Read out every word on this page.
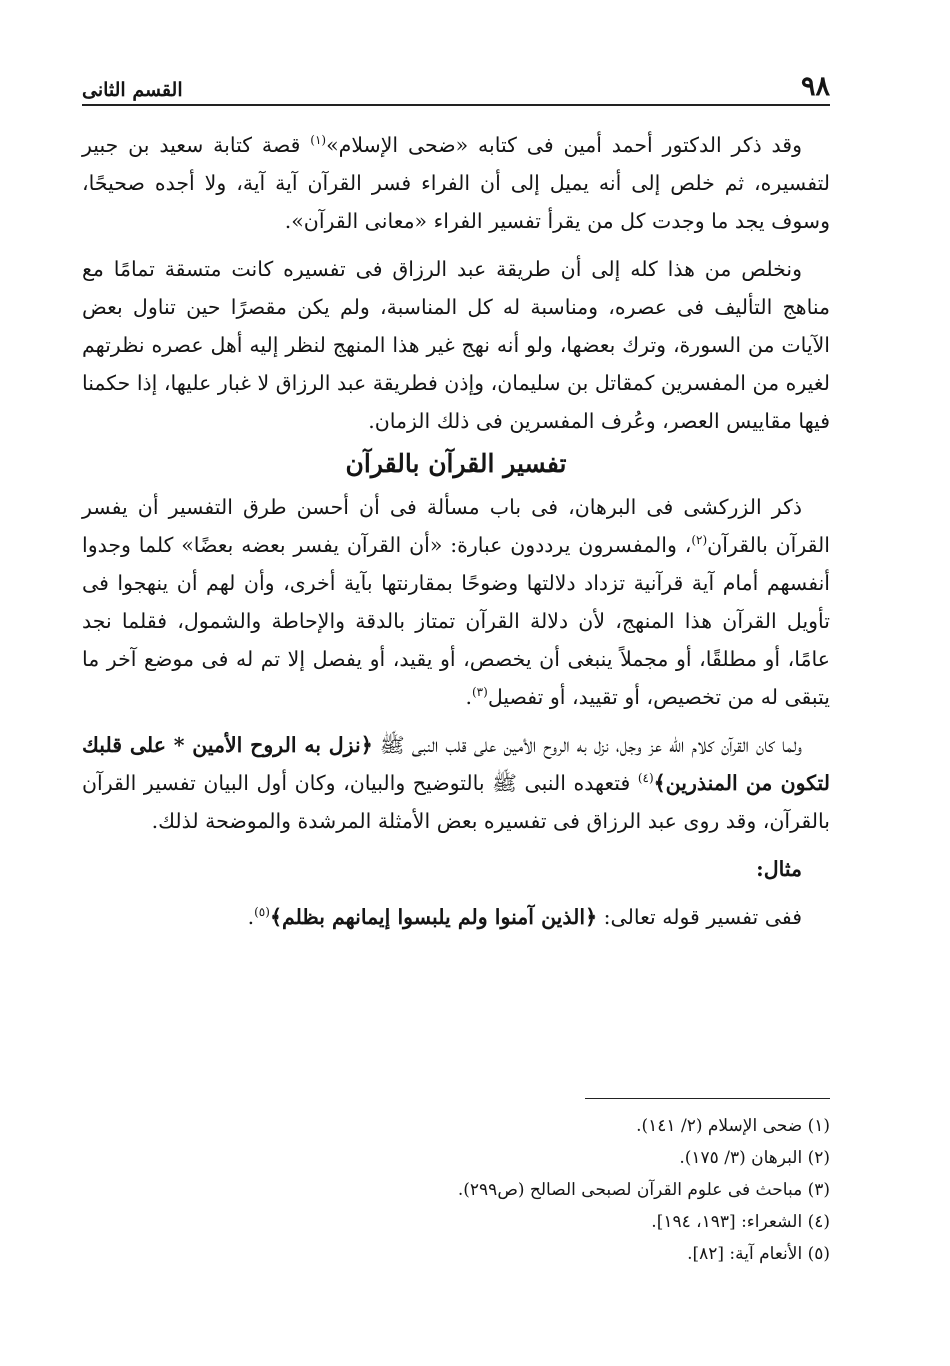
٩٨
القسم الثانى

وقد ذكر الدكتور أحمد أمين فى كتابه «ضحى الإسلام»$^{(١)}$ قصة كتابة سعيد بن جبير لتفسيره، ثم خلص إلى أنه يميل إلى أن الفراء فسر القرآن آية آية، ولا أجده صحيحًا، وسوف يجد ما وجدت كل من يقرأ تفسير الفراء «معانى القرآن».

ونخلص من هذا كله إلى أن طريقة عبد الرزاق فى تفسيره كانت متسقة تمامًا مع مناهج التأليف فى عصره، ومناسبة له كل المناسبة، ولم يكن مقصرًا حين تناول بعض الآيات من السورة، وترك بعضها، ولو أنه نهج غير هذا المنهج لنظر إليه أهل عصره نظرتهم لغيره من المفسرين كمقاتل بن سليمان، وإذن فطريقة عبد الرزاق لا غبار عليها، إذا حكمنا فيها مقاييس العصر، وعُرف المفسرين فى ذلك الزمان.

تفسير القرآن بالقرآن

ذكر الزركشى فى البرهان، فى باب مسألة فى أن أحسن طرق التفسير أن يفسر القرآن بالقرآن$^{(٢)}$، والمفسرون يرددون عبارة: «أن القرآن يفسر بعضه بعضًا» كلما وجدوا أنفسهم أمام آية قرآنية تزداد دلالتها وضوحًا بمقارنتها بآية أخرى، وأن لهم أن ينهجوا فى تأويل القرآن هذا المنهج، لأن دلالة القرآن تمتاز بالدقة والإحاطة والشمول، فقلما نجد عامًا، أو مطلقًا، أو مجملاً ينبغى أن يخصص، أو يقيد، أو يفصل إلا تم له فى موضع آخر ما يتبقى له من تخصيص، أو تقييد، أو تفصيل$^{(٣)}$.

ولما كان القرآن كلام الله عز وجل، نزل به الروح الأمين على قلب النبى ﷺ ﴿نزل به الروح الأمين * على قلبك لتكون من المنذرين﴾$^{(٤)}$ فتعهده النبى ﷺ بالتوضيح والبيان، وكان أول البيان تفسير القرآن بالقرآن، وقد روى عبد الرزاق فى تفسيره بعض الأمثلة المرشدة والموضحة لذلك.

مثال:
ففى تفسير قوله تعالى: ﴿الذين آمنوا ولم يلبسوا إيمانهم بظلم﴾$^{(٥)}$.
(١) ضحى الإسلام (٢/ ١٤١).
(٢) البرهان (٣/ ١٧٥).
(٣) مباحث فى علوم القرآن لصبحى الصالح (ص٢٩٩).
(٤) الشعراء: [١٩٣، ١٩٤].
(٥) الأنعام آية: [٨٢].
